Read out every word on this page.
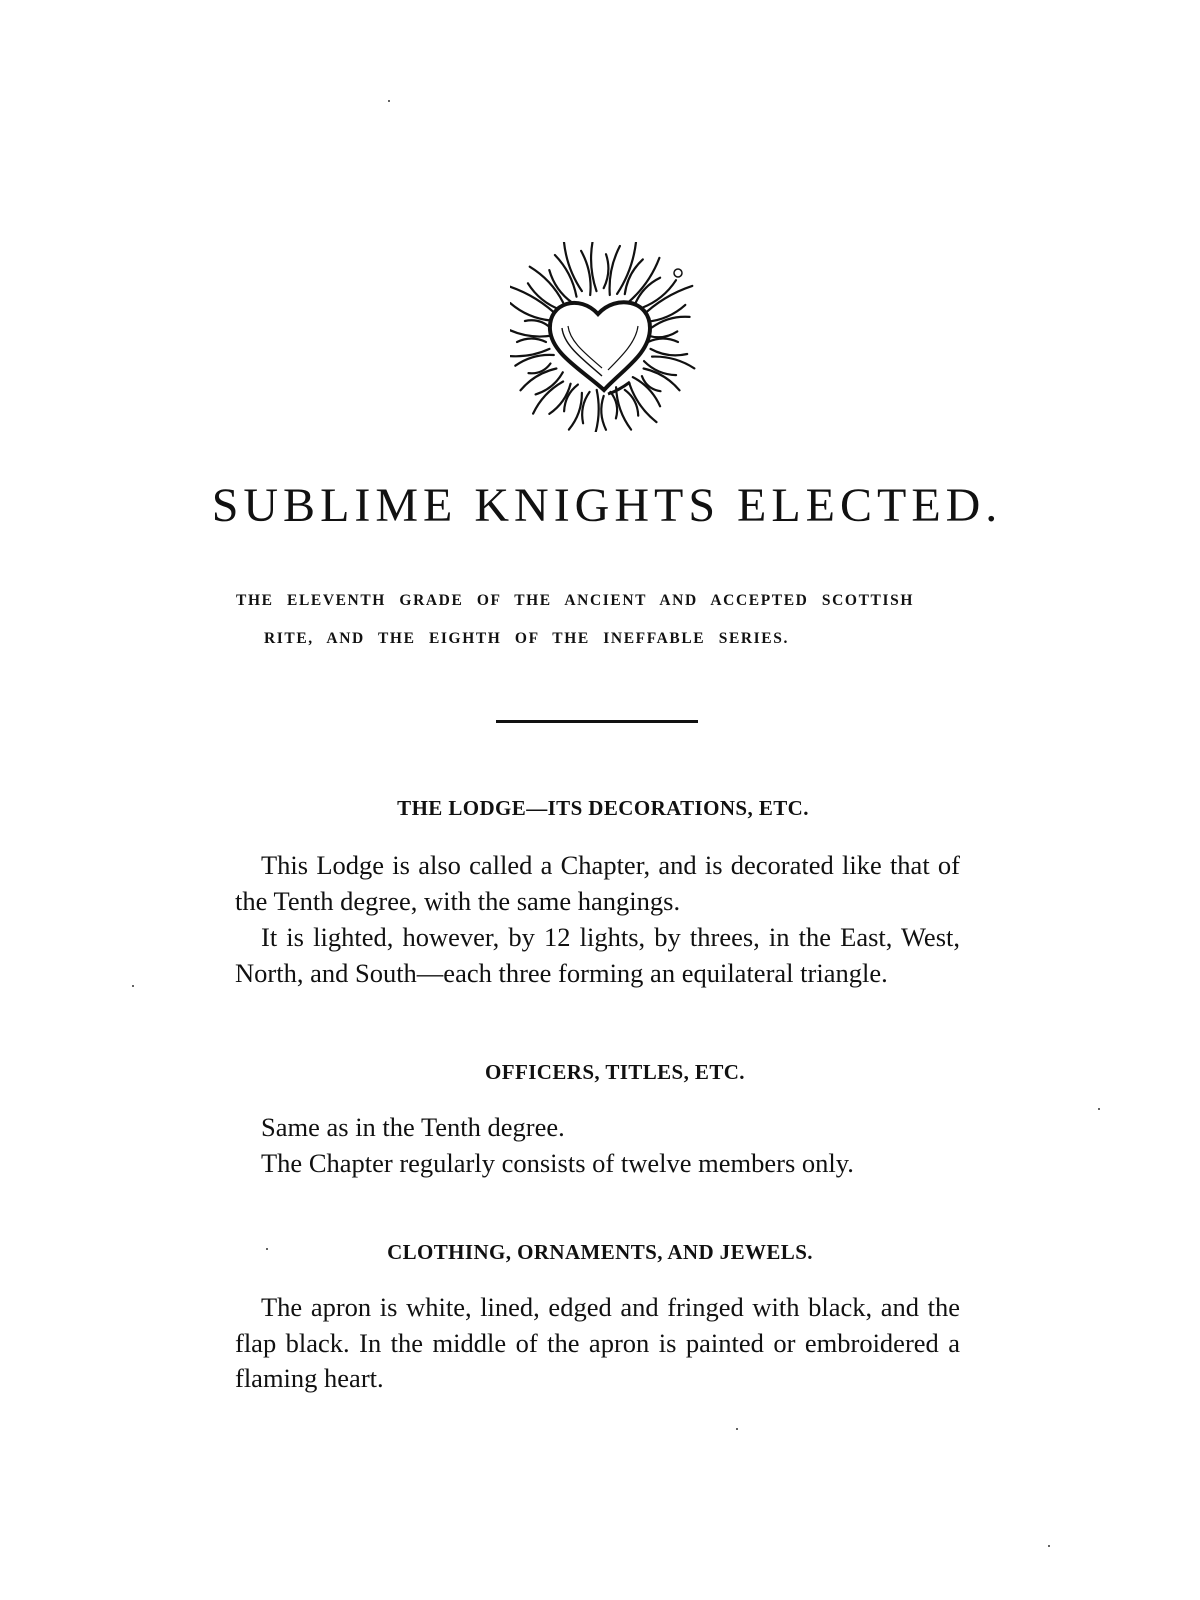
SUBLIME KNIGHTS ELECTED.

THE ELEVENTH GRADE OF THE ANCIENT AND ACCEPTED SCOTTISH RITE, AND THE EIGHTH OF THE INEFFABLE SERIES.

THE LODGE—ITS DECORATIONS, ETC.

This Lodge is also called a Chapter, and is decorated like that of the Tenth degree, with the same hangings.

It is lighted, however, by 12 lights, by threes, in the East, West, North, and South—each three forming an equilateral triangle.

OFFICERS, TITLES, ETC.

Same as in the Tenth degree.

The Chapter regularly consists of twelve members only.

CLOTHING, ORNAMENTS, AND JEWELS.

The apron is white, lined, edged and fringed with black, and the flap black. In the middle of the apron is painted or embroidered a flaming heart.
